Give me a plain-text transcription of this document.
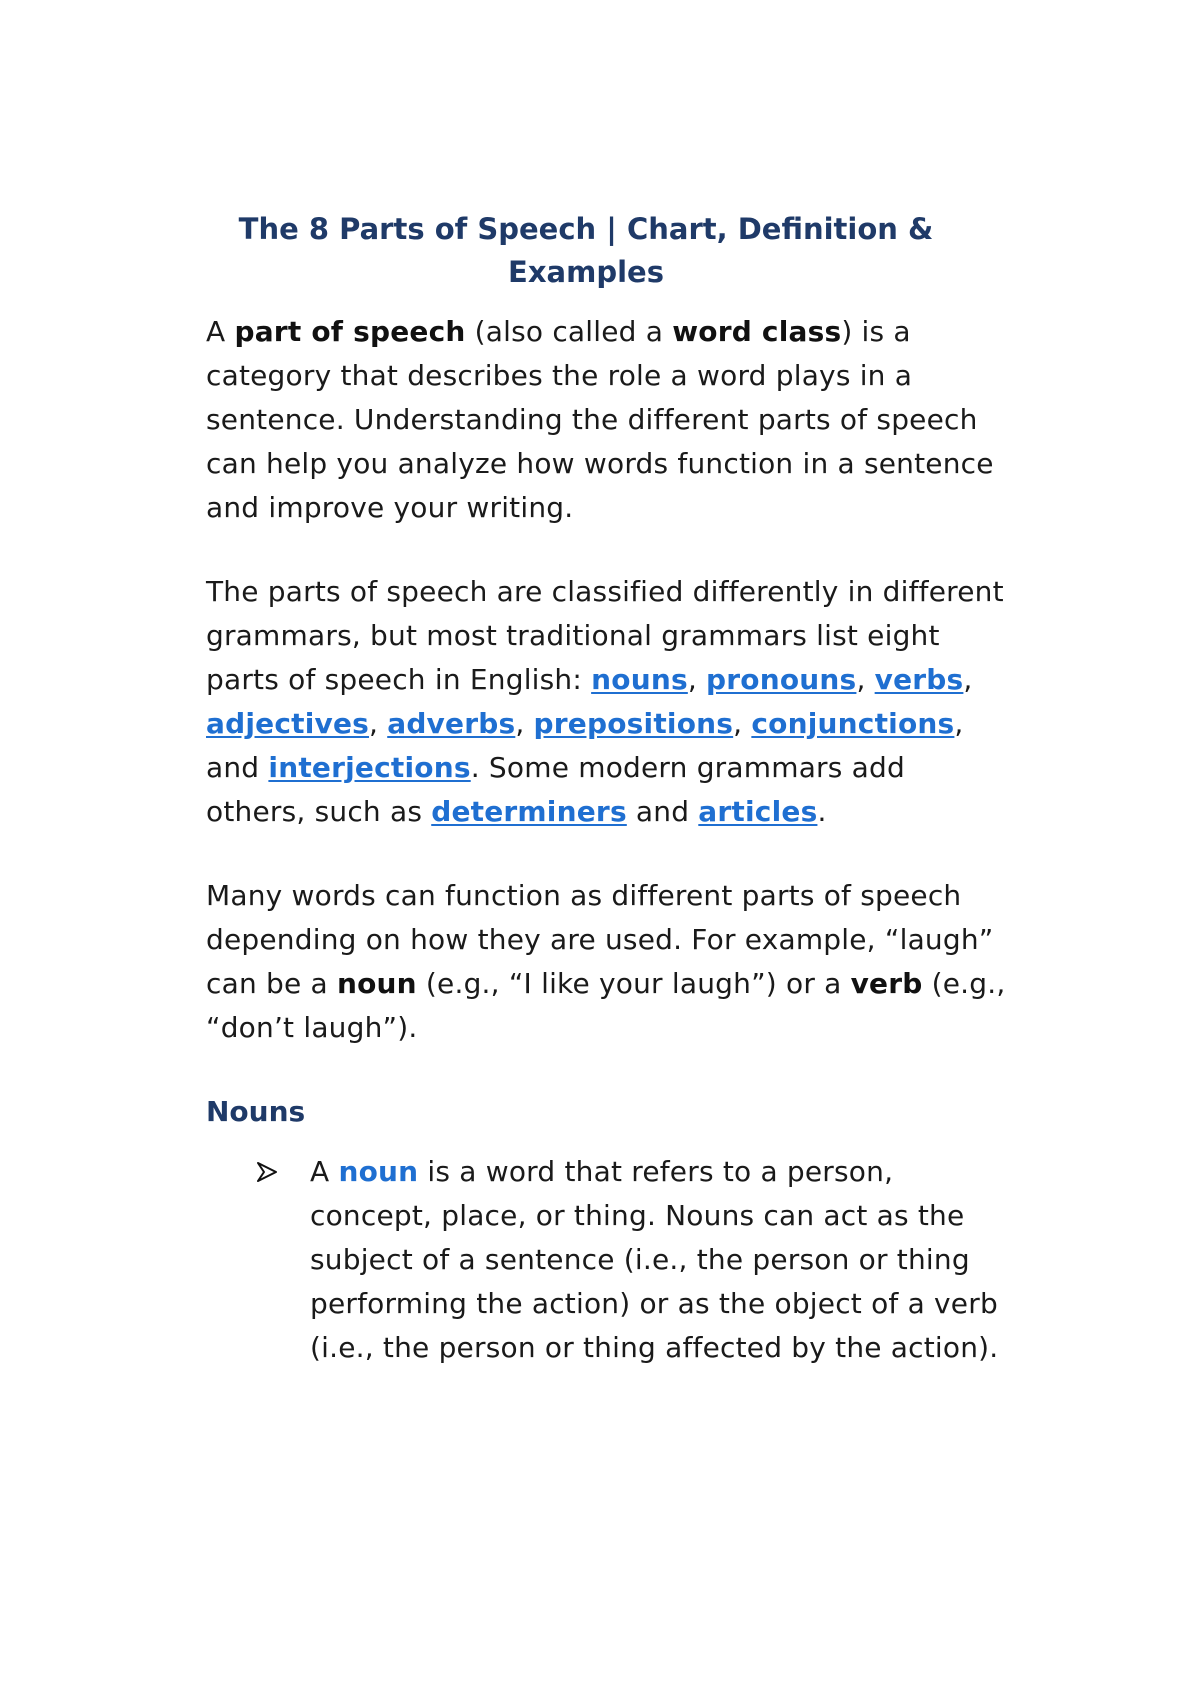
The 8 Parts of Speech | Chart, Definition & Examples

A part of speech (also called a word class) is a category that describes the role a word plays in a sentence. Understanding the different parts of speech can help you analyze how words function in a sentence and improve your writing.

The parts of speech are classified differently in different grammars, but most traditional grammars list eight parts of speech in English: nouns, pronouns, verbs, adjectives, adverbs, prepositions, conjunctions, and interjections. Some modern grammars add others, such as determiners and articles.

Many words can function as different parts of speech depending on how they are used. For example, “laugh” can be a noun (e.g., “I like your laugh”) or a verb (e.g., “don’t laugh”).

Nouns
A noun is a word that refers to a person, concept, place, or thing. Nouns can act as the subject of a sentence (i.e., the person or thing performing the action) or as the object of a verb (i.e., the person or thing affected by the action).
